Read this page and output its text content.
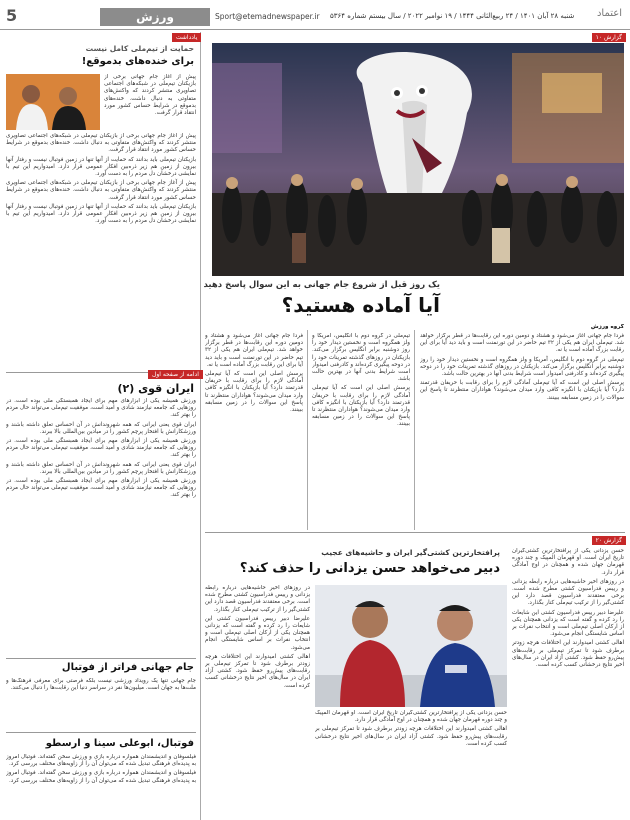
5	ورزش	Sport@etemadnewspaper.ir شنبه ۲۸ آبان ۱۴۰۱ / ۲۴ ربیع‌الثانی ۱۴۴۴ / ۱۹ نوامبر ۲۰۲۲ / سال بیستم شماره ۵۳۶۴ اعتماد
گزارش ۱۰
یک روز قبل از شروع جام جهانی به این سوال پاسخ دهید
آیا آماده هستید؟
گروه ورزش

فردا جام جهانی آغاز می‌شود و هشتاد و دومین دوره این رقابت‌ها در قطر برگزار خواهد شد. تیم‌ملی ایران هم یکی از ۳۲ تیم حاضر در این تورنمنت است و باید دید آیا برای این رقابت بزرگ آماده است یا نه.

تیم‌ملی در گروه دوم با انگلیس، آمریکا و ولز همگروه است و نخستین دیدار خود را روز دوشنبه برابر انگلیس برگزار می‌کند. بازیکنان در روزهای گذشته تمرینات خود را در دوحه پیگیری کرده‌اند و کادرفنی امیدوار است شرایط بدنی آنها در بهترین حالت باشد.

پرسش اصلی این است که آیا تیم‌ملی آمادگی لازم را برای رقابت با حریفان قدرتمند دارد؟ آیا بازیکنان با انگیزه کافی وارد میدان می‌شوند؟ هواداران منتظرند تا پاسخ این سوالات را در زمین مسابقه ببینند.

تیم‌ملی در گروه دوم با انگلیس، آمریکا و ولز همگروه است و نخستین دیدار خود را روز دوشنبه برابر انگلیس برگزار می‌کند. بازیکنان در روزهای گذشته تمرینات خود را در دوحه پیگیری کرده‌اند و کادرفنی امیدوار است شرایط بدنی آنها در بهترین حالت باشد.

پرسش اصلی این است که آیا تیم‌ملی آمادگی لازم را برای رقابت با حریفان قدرتمند دارد؟ آیا بازیکنان با انگیزه کافی وارد میدان می‌شوند؟ هواداران منتظرند تا پاسخ این سوالات را در زمین مسابقه ببینند.

فردا جام جهانی آغاز می‌شود و هشتاد و دومین دوره این رقابت‌ها در قطر برگزار خواهد شد. تیم‌ملی ایران هم یکی از ۳۲ تیم حاضر در این تورنمنت است و باید دید آیا برای این رقابت بزرگ آماده است یا نه.

پرسش اصلی این است که آیا تیم‌ملی آمادگی لازم را برای رقابت با حریفان قدرتمند دارد؟ آیا بازیکنان با انگیزه کافی وارد میدان می‌شوند؟ هواداران منتظرند تا پاسخ این سوالات را در زمین مسابقه ببینند.

گزارش ۲۰
پرافتخارترین کشتی‌گیر ایران و حاشیه‌های عجیب
دبیر می‌خواهد حسن یزدانی را حذف کند؟

حسن یزدانی یکی از پرافتخارترین کشتی‌گیران تاریخ ایران است. او قهرمان المپیک و چند دوره قهرمان جهان شده و همچنان در اوج آمادگی قرار دارد.

در روزهای اخیر حاشیه‌هایی درباره رابطه یزدانی و رییس فدراسیون کشتی مطرح شده است. برخی معتقدند فدراسیون قصد دارد این کشتی‌گیر را از ترکیب تیم‌ملی کنار بگذارد.

علیرضا دبیر رییس فدراسیون کشتی این شایعات را رد کرده و گفته است که یزدانی همچنان یکی از ارکان اصلی تیم‌ملی است و انتخاب نفرات بر اساس شایستگی انجام می‌شود.

اهالی کشتی امیدوارند این اختلافات هرچه زودتر برطرف شود تا تمرکز تیم‌ملی بر رقابت‌های پیش‌رو حفظ شود. کشتی آزاد ایران در سال‌های اخیر نتایج درخشانی کسب کرده است.

در روزهای اخیر حاشیه‌هایی درباره رابطه یزدانی و رییس فدراسیون کشتی مطرح شده است. برخی معتقدند فدراسیون قصد دارد این کشتی‌گیر را از ترکیب تیم‌ملی کنار بگذارد.

علیرضا دبیر رییس فدراسیون کشتی این شایعات را رد کرده و گفته است که یزدانی همچنان یکی از ارکان اصلی تیم‌ملی است و انتخاب نفرات بر اساس شایستگی انجام می‌شود.

اهالی کشتی امیدوارند این اختلافات هرچه زودتر برطرف شود تا تمرکز تیم‌ملی بر رقابت‌های پیش‌رو حفظ شود. کشتی آزاد ایران در سال‌های اخیر نتایج درخشانی کسب کرده است.

حسن یزدانی یکی از پرافتخارترین کشتی‌گیران تاریخ ایران است. او قهرمان المپیک و چند دوره قهرمان جهان شده و همچنان در اوج آمادگی قرار دارد.

اهالی کشتی امیدوارند این اختلافات هرچه زودتر برطرف شود تا تمرکز تیم‌ملی بر رقابت‌های پیش‌رو حفظ شود. کشتی آزاد ایران در سال‌های اخیر نتایج درخشانی کسب کرده است.

یادداشت
حمایت از تیم‌ملی کامل نیست
برای خنده‌های بدموقع!

پیش از آغاز جام جهانی برخی از بازیکنان تیم‌ملی در شبکه‌های اجتماعی تصاویری منتشر کردند که واکنش‌های متفاوتی به دنبال داشت. خنده‌های بدموقع در شرایط حساس کشور مورد انتقاد قرار گرفت.

پیش از آغاز جام جهانی برخی از بازیکنان تیم‌ملی در شبکه‌های اجتماعی تصاویری منتشر کردند که واکنش‌های متفاوتی به دنبال داشت. خنده‌های بدموقع در شرایط حساس کشور مورد انتقاد قرار گرفت.

بازیکنان تیم‌ملی باید بدانند که حمایت از آنها تنها در زمین فوتبال نیست و رفتار آنها بیرون از زمین هم زیر ذره‌بین افکار عمومی قرار دارد. امیدواریم این تیم با نمایشی درخشان دل مردم را به دست آورد.

پیش از آغاز جام جهانی برخی از بازیکنان تیم‌ملی در شبکه‌های اجتماعی تصاویری منتشر کردند که واکنش‌های متفاوتی به دنبال داشت. خنده‌های بدموقع در شرایط حساس کشور مورد انتقاد قرار گرفت.

بازیکنان تیم‌ملی باید بدانند که حمایت از آنها تنها در زمین فوتبال نیست و رفتار آنها بیرون از زمین هم زیر ذره‌بین افکار عمومی قرار دارد. امیدواریم این تیم با نمایشی درخشان دل مردم را به دست آورد.

ادامه از صفحه اول
ایران قوی (۲)

ورزش همیشه یکی از ابزارهای مهم برای ایجاد همبستگی ملی بوده است. در روزهایی که جامعه نیازمند شادی و امید است، موفقیت تیم‌ملی می‌تواند حال مردم را بهتر کند.

ایران قوی یعنی ایرانی که همه شهروندانش در آن احساس تعلق داشته باشند و ورزشکارانش با افتخار پرچم کشور را در میادین بین‌المللی بالا ببرند.

ورزش همیشه یکی از ابزارهای مهم برای ایجاد همبستگی ملی بوده است. در روزهایی که جامعه نیازمند شادی و امید است، موفقیت تیم‌ملی می‌تواند حال مردم را بهتر کند.

ایران قوی یعنی ایرانی که همه شهروندانش در آن احساس تعلق داشته باشند و ورزشکارانش با افتخار پرچم کشور را در میادین بین‌المللی بالا ببرند.

ورزش همیشه یکی از ابزارهای مهم برای ایجاد همبستگی ملی بوده است. در روزهایی که جامعه نیازمند شادی و امید است، موفقیت تیم‌ملی می‌تواند حال مردم را بهتر کند.

جام جهانی فراتر از فوتبال

جام جهانی تنها یک رویداد ورزشی نیست بلکه فرصتی برای معرفی فرهنگ‌ها و ملت‌ها به جهان است. میلیون‌ها نفر در سراسر دنیا این رقابت‌ها را دنبال می‌کنند.

فوتبال، ابوعلی سینا و ارسطو

فیلسوفان و اندیشمندان همواره درباره بازی و ورزش سخن گفته‌اند. فوتبال امروز به پدیده‌ای فرهنگی تبدیل شده که می‌توان آن را از زاویه‌های مختلف بررسی کرد.

فیلسوفان و اندیشمندان همواره درباره بازی و ورزش سخن گفته‌اند. فوتبال امروز به پدیده‌ای فرهنگی تبدیل شده که می‌توان آن را از زاویه‌های مختلف بررسی کرد.
